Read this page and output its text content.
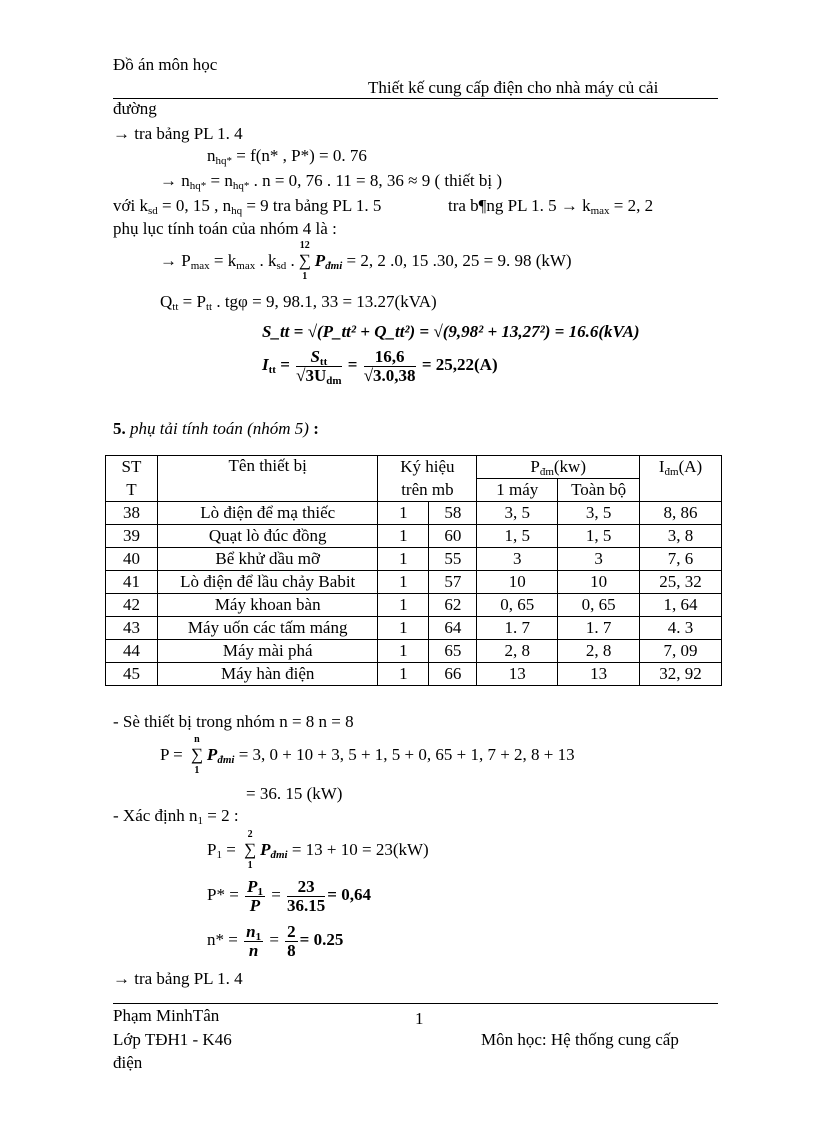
Đồ án môn học
Thiết kế cung cấp điện cho nhà máy củ cải
đường
→ tra bảng PL 1. 4
$n_{hq*} = f(n*$ , P*) = 0. 76
→ $n_{hq*} = n_{hq*}$ . n = 0, 76 . 11 = 8, 36 ≈ 9 ( thiết bị )
với $k_{sd} = 0$, 15 , $n_{hq} = 9$ tra bảng PL 1. 5	tra b¶ng PL 1. $5 \to k_{max} = 2$, 2
phụ lục tính toán của nhóm 4 là :
→ $P_{max} = k_{max}$ . $k_{sd}$ .
12
∑
1
$P_{đmi} = 2$, 2 .0, 15 .30, 25 = 9. 98 (kW)
$Q_{tt} = P_{tt}$ . tgφ = 9, 98.1, 33 = 13.27(kVA)
S_tt = √(P_tt² + Q_tt²) = √(9,98² + 13,27²) = 16.6(kVA)
$I_{tt} = \frac{S_{tt}}{√3U_{dm}} = \frac{16,6}{√3.0,38} = 25,22(A)$
5. phụ tải tính toán (nhóm 5) :
ST	Tên thiết bị	Ký hiệu		$P_{đm}(kw)$		$I_{đm}(A)$
T		trên mb		1 máy	Toàn bộ	
38	Lò điện để mạ thiếc	1	58	3, 5	3, 5	8, 86
39	Quạt lò đúc đồng	1	60	1, 5	1, 5	3, 8
40	Bể khử dầu mỡ	1	55	3	3	7, 6
41	Lò điện để lầu chảy Babit	1	57	10	10	25, 32
42	Máy khoan bàn	1	62	0, 65	0, 65	1, 64
43	Máy uốn các tấm máng	1	64	1. 7	1. 7	4. 3
44	Máy mài phá	1	65	2, 8	2, 8	7, 09
45	Máy hàn điện	1	66	13	13	32, 92
- Sè thiết bị trong nhóm n = 8 n = 8
P =
n
∑
1
$P_{đmi} = 3$, 0 + 10 + 3, 5 + 1, 5 + 0, 65 + 1, 7 + 2, 8 + 13
= 36. 15 (kW)
- Xác định $n_1 = 2$ :
$P_1$ =
2
∑
1
$P_{đmi} = 13 + 10 = 23(kW)$
$P* = \frac{P_1}{P} = \frac{23}{36.15} = 0,64$
$n* = \frac{n_1}{n} = \frac{2}{8} = 0.25$
→ tra bảng PL 1. 4
Phạm MinhTân	1
Lớp TĐH1 - K46	Môn học: Hệ thống cung cấp
điện
